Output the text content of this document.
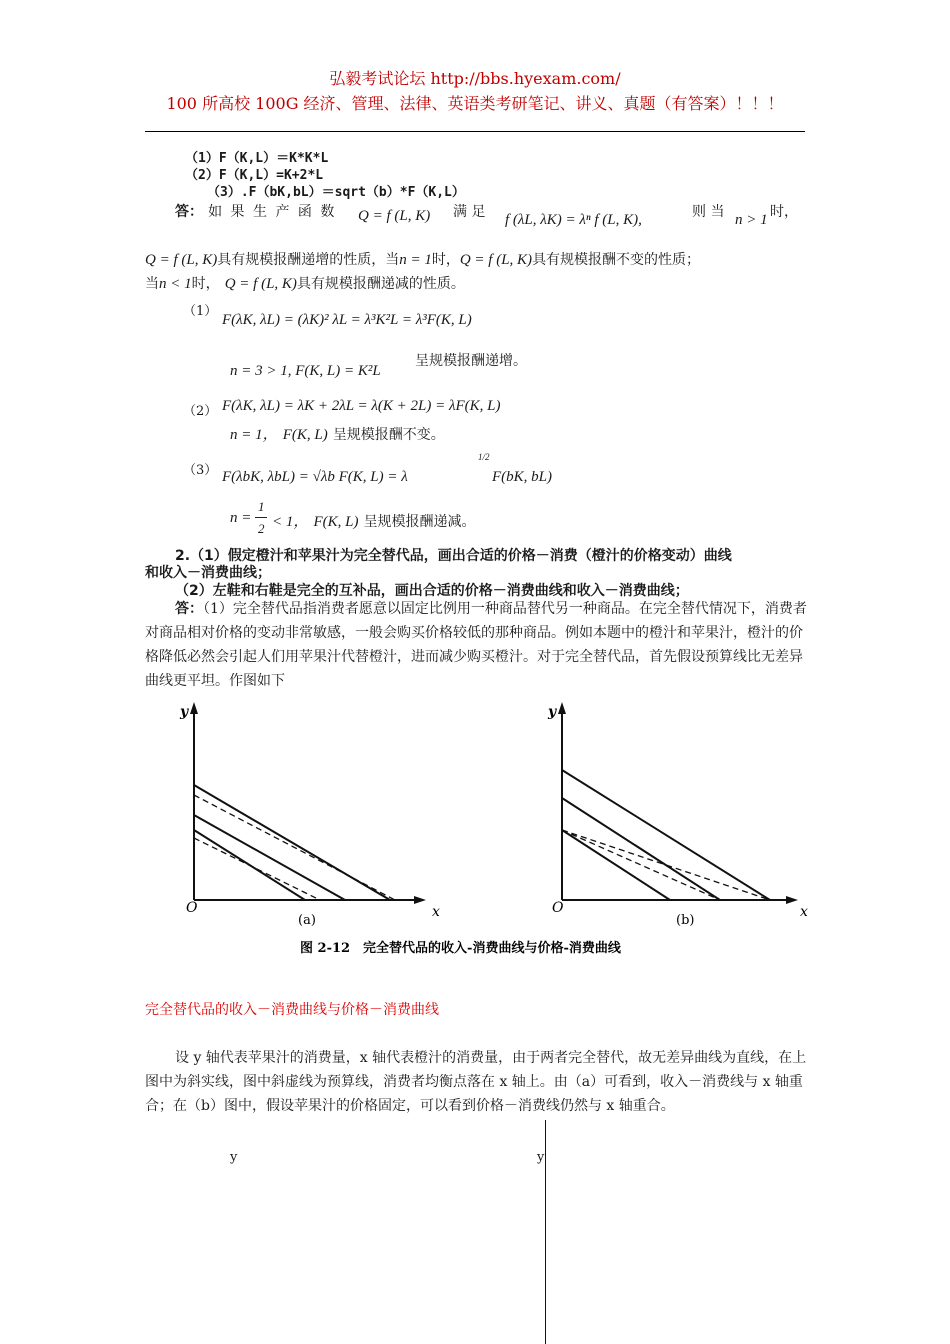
弘毅考试论坛 http://bbs.hyexam.com/
100 所高校 100G 经济、管理、法律、英语类考研笔记、讲义、真题（有答案）！！！
（1）F（K,L）＝K*K*L
（2）F（K,L）=K+2*L
（3）.F（bK,bL）＝sqrt（b）*F（K,L）
答： 如 果 生 产 函 数 Q = f (L, K) 满 足 f (λL, λK) = λⁿ f (L, K),	则 当 n > 1 时，
Q = f (L, K)具有规模报酬递增的性质，当n = 1时，Q = f (L, K)具有规模报酬不变的性质；
当n < 1时， Q = f (L, K)具有规模报酬递减的性质。
（1）
F(λK, λL) = (λK)² λL = λ³K²L = λ³F(K, L)
n = 3 > 1, F(K, L) = K²L
呈规模报酬递增。
（2） F(λK, λL) = λK + 2λL = λ(K + 2L) = λF(K, L)
n = 1， F(K, L) 呈规模报酬不变。
（3） F(λbK, λbL) = √λb F(K, L) = λ
1/2
F(bK, bL)
n =
1
2 < 1， F(K, L) 呈规模报酬递减。
2.（1）假定橙汁和苹果汁为完全替代品，画出合适的价格－消费（橙汁的价格变动）曲线
和收入－消费曲线；
（2）左鞋和右鞋是完全的互补品，画出合适的价格－消费曲线和收入－消费曲线；
答：（1）完全替代品指消费者愿意以固定比例用一种商品替代另一种商品。在完全替代情况下，消费者对商品相对价格的变动非常敏感，一般会购买价格较低的那种商品。例如本题中的橙汁和苹果汁，橙汁的价格降低必然会引起人们用苹果汁代替橙汁，进而减少购买橙汁。对于完全替代品，首先假设预算线比无差异曲线更平坦。作图如下
y
O	x
(a)
y
O	x
(b)
图 2-12　完全替代品的收入-消费曲线与价格-消费曲线
完全替代品的收入－消费曲线与价格－消费曲线
设 y 轴代表苹果汁的消费量，x 轴代表橙汁的消费量，由于两者完全替代，故无差异曲线为直线，在上图中为斜实线，图中斜虚线为预算线，消费者均衡点落在 x 轴上。由（a）可看到，收入－消费线与 x 轴重合；在（b）图中，假设苹果汁的价格固定，可以看到价格－消费线仍然与 x 轴重合。
y	y
